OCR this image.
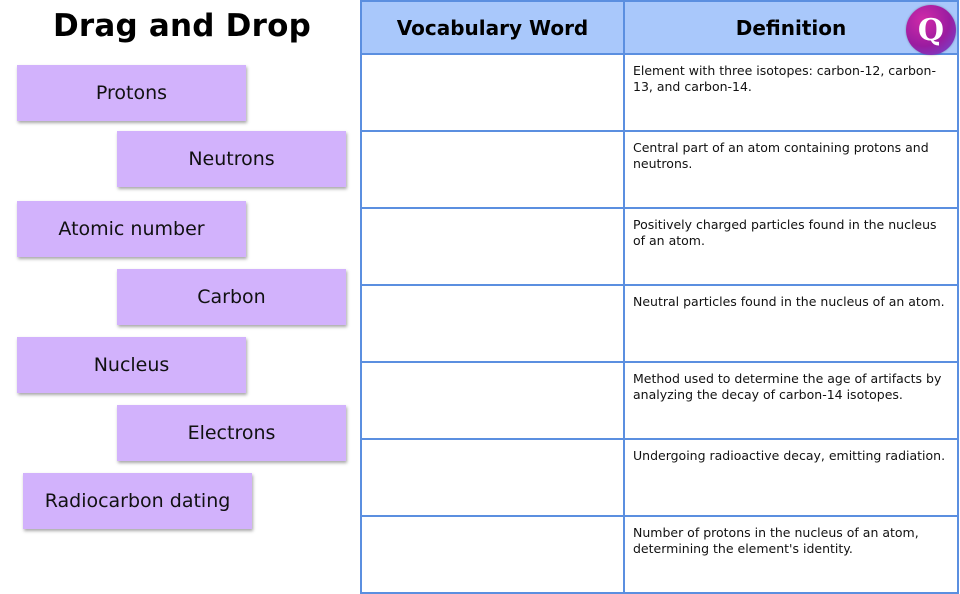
Drag and Drop
Protons
Neutrons
Atomic number
Carbon
Nucleus
Electrons
Radiocarbon dating
Vocabulary Word	Definition
	Element with three isotopes: carbon-12, carbon-13, and carbon-14.
	Central part of an atom containing protons and neutrons.
	Positively charged particles found in the nucleus of an atom.
	Neutral particles found in the nucleus of an atom.
	Method used to determine the age of artifacts by analyzing the decay of carbon-14 isotopes.
	Undergoing radioactive decay, emitting radiation.
	Number of protons in the nucleus of an atom, determining the element's identity.
Q
